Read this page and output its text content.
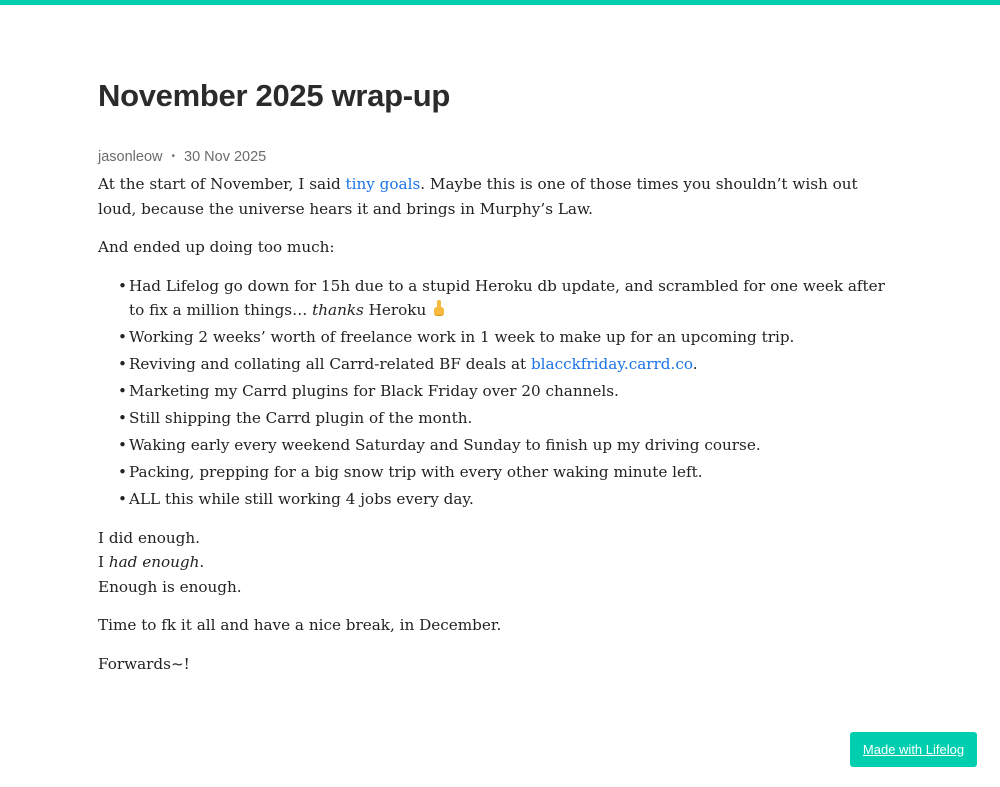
November 2025 wrap-up
jasonleow • 30 Nov 2025

At the start of November, I said tiny goals. Maybe this is one of those times you shouldn’t wish out loud, because the universe hears it and brings in Murphy’s Law.

And ended up doing too much:

• Had Lifelog go down for 15h due to a stupid Heroku db update, and scrambled for one week after to fix a million things… thanks Heroku
• Working 2 weeks’ worth of freelance work in 1 week to make up for an upcoming trip.
• Reviving and collating all Carrd-related BF deals at blacckfriday.carrd.co.
• Marketing my Carrd plugins for Black Friday over 20 channels.
• Still shipping the Carrd plugin of the month.
• Waking early every weekend Saturday and Sunday to finish up my driving course.
• Packing, prepping for a big snow trip with every other waking minute left.
• ALL this while still working 4 jobs every day.

I did enough.
I had enough.
Enough is enough.

Time to fk it all and have a nice break, in December.

Forwards~!

Made with Lifelog
